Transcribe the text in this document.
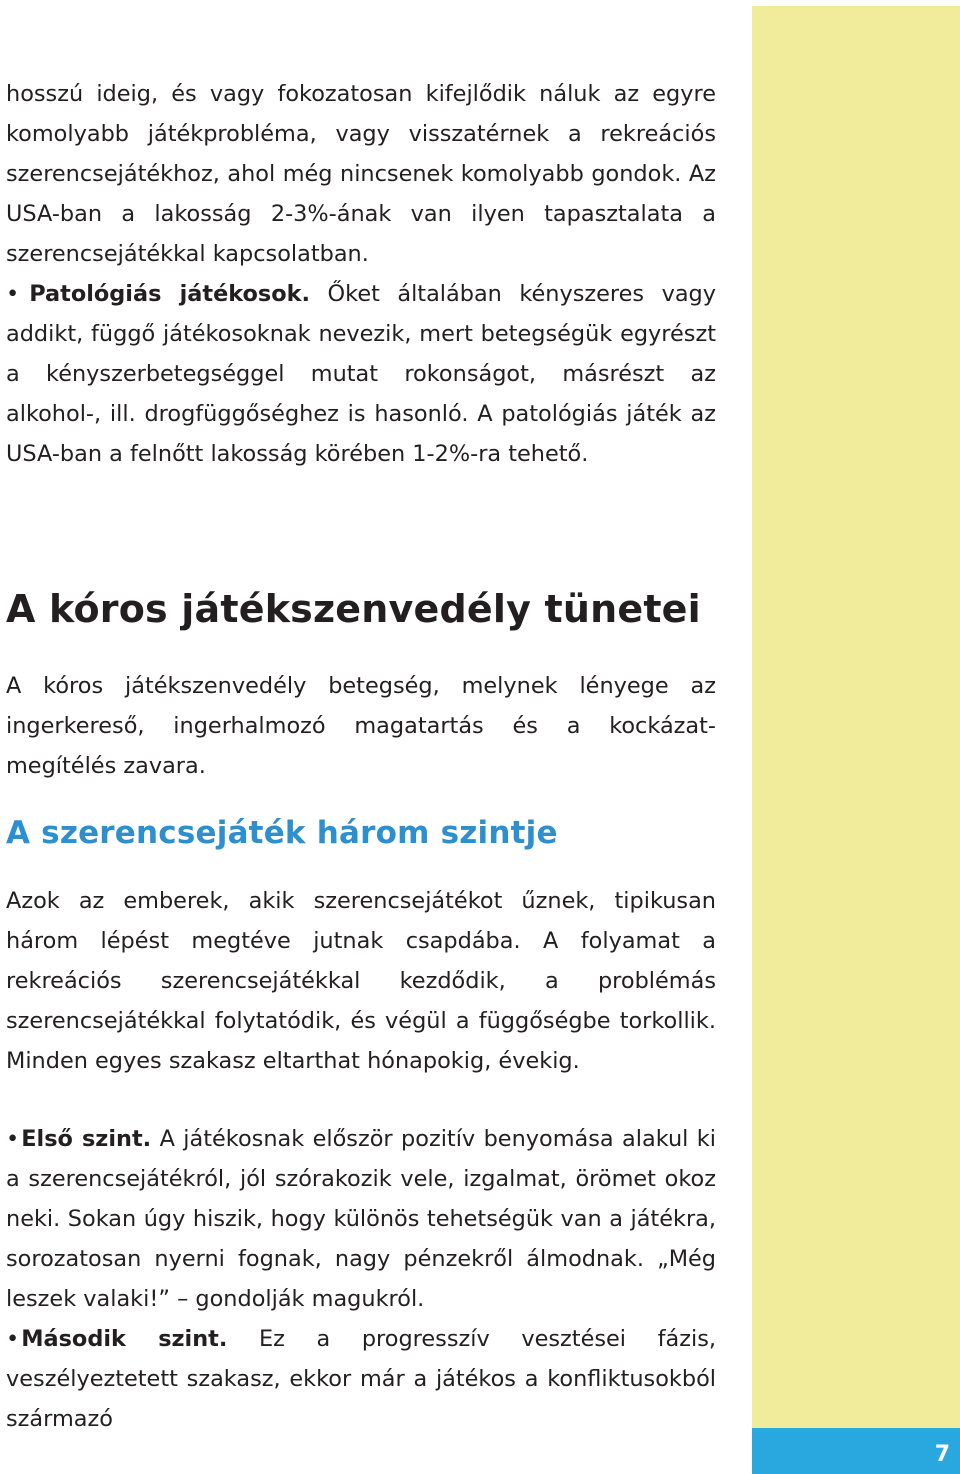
7

hosszú ideig, és vagy fokozatosan kifejlődik náluk az egyre komolyabb játékprobléma, vagy visszatérnek a rekreációs szerencsejátékhoz, ahol még nincsenek komolyabb gondok. Az USA-ban a lakosság 2-3%-ának van ilyen tapasztalata a szerencsejátékkal kapcsolatban.

• Patológiás játékosok. Őket általában kényszeres vagy addikt, függő játékosoknak nevezik, mert betegségük egyrészt a kényszerbetegséggel mutat rokonságot, másrészt az alkohol-, ill. drogfüggőséghez is hasonló. A patológiás játék az USA-ban a felnőtt lakosság körében 1-2%-ra tehető.

A kóros játékszenvedély tünetei

A kóros játékszenvedély betegség, melynek lényege az ingerkereső, ingerhalmozó magatartás és a kockázat-megítélés zavara.

A szerencsejáték három szintje

Azok az emberek, akik szerencsejátékot űznek, tipikusan három lépést megtéve jutnak csapdába. A folyamat a rekreációs szerencsejátékkal kezdődik, a problémás szerencsejátékkal folytatódik, és végül a függőségbe torkollik. Minden egyes szakasz eltarthat hónapokig, évekig.

•Első szint. A játékosnak először pozitív benyomása alakul ki a szerencsejátékról, jól szórakozik vele, izgalmat, örömet okoz neki. Sokan úgy hiszik, hogy különös tehetségük van a játékra, sorozatosan nyerni fognak, nagy pénzekről álmodnak. „Még leszek valaki!” – gondolják magukról.

•Második szint. Ez a progresszív vesztései fázis, veszélyeztetett szakasz, ekkor már a játékos a konfliktusokból származó
